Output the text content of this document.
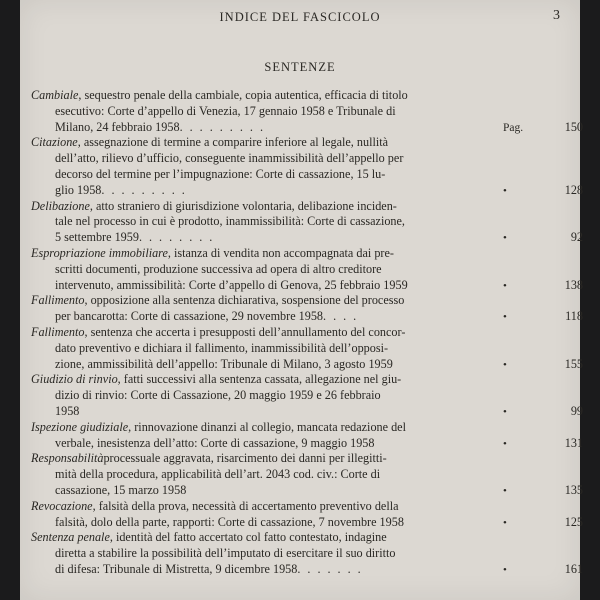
INDICE DEL FASCICOLO	3
SENTENZE
Cambiale, sequestro penale della cambiale, copia autentica, efficacia di titolo
esecutivo: Corte d’appello di Venezia, 17 gennaio 1958 e Tribunale di
Milano, 24 febbraio 1958.........	Pag.	150
Citazione, assegnazione di termine a comparire inferiore al legale, nullità
dell’atto, rilievo d’ufficio, conseguente inammissibilità dell’appello per
decorso del termine per l’impugnazione: Corte di cassazione, 15 lu-
glio 1958.........	•	128
Delibazione, atto straniero di giurisdizione volontaria, delibazione inciden-
tale nel processo in cui è prodotto, inammissibilità: Corte di cassazione,
5 settembre 1959........	•	92
Espropriazione immobiliare, istanza di vendita non accompagnata dai pre-
scritti documenti, produzione successiva ad opera di altro creditore
intervenuto, ammissibilità: Corte d’appello di Genova, 25 febbraio 1959	•	138
Fallimento, opposizione alla sentenza dichiarativa, sospensione del processo
per bancarotta: Corte di cassazione, 29 novembre 1958....	•	118
Fallimento, sentenza che accerta i presupposti dell’annullamento del concor-
dato preventivo e dichiara il fallimento, inammissibilità dell’opposi-
zione, ammissibilità dell’appello: Tribunale di Milano, 3 agosto 1959	•	155
Giudizio di rinvio, fatti successivi alla sentenza cassata, allegazione nel giu-
dizio di rinvio: Corte di Cassazione, 20 maggio 1959 e 26 febbraio
1958	•	99
Ispezione giudiziale, rinnovazione dinanzi al collegio, mancata redazione del
verbale, inesistenza dell’atto: Corte di cassazione, 9 maggio 1958	•	131
Responsabilitàprocessuale aggravata, risarcimento dei danni per illegitti-
mità della procedura, applicabilità dell’art. 2043 cod. civ.: Corte di
cassazione, 15 marzo 1958	•	135
Revocazione, falsità della prova, necessità di accertamento preventivo della
falsità, dolo della parte, rapporti: Corte di cassazione, 7 novembre 1958	•	125
Sentenza penale, identità del fatto accertato col fatto contestato, indagine
diretta a stabilire la possibilità dell’imputato di esercitare il suo diritto
di difesa: Tribunale di Mistretta, 9 dicembre 1958.......	•	161
